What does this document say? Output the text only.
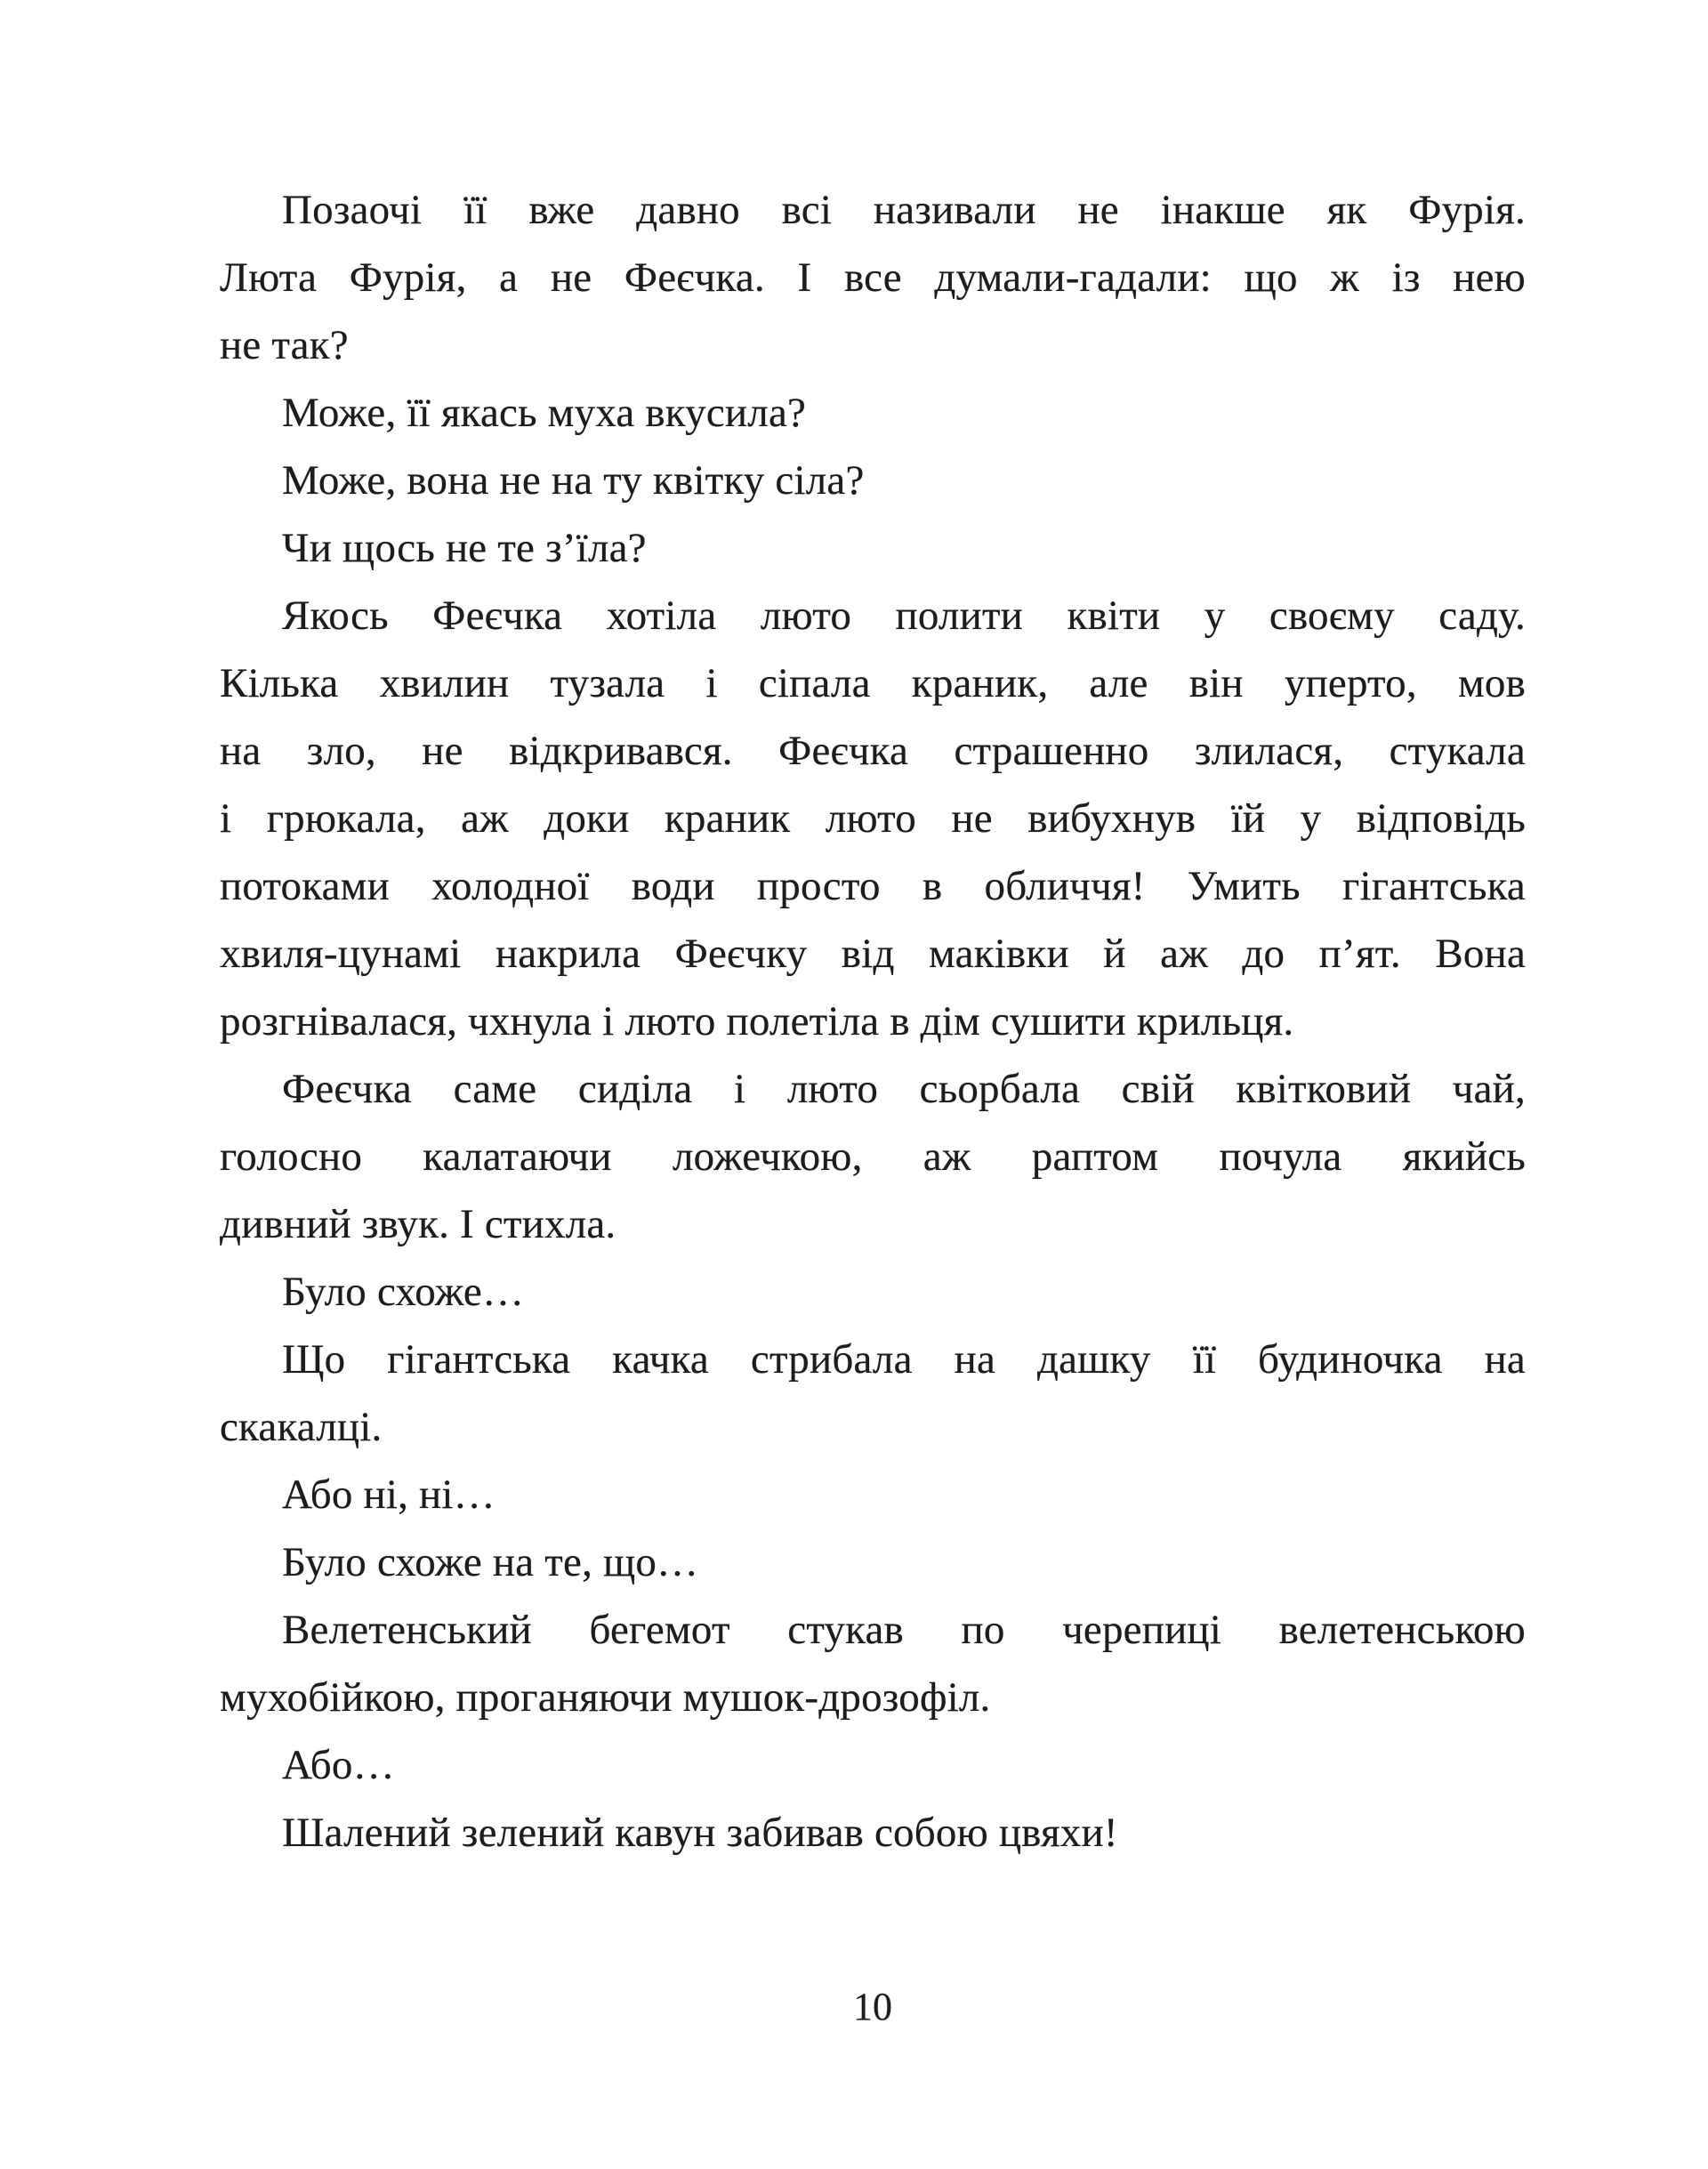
Позаочі її вже давно всі називали не інакше як Фурія.
Люта Фурія, а не Феєчка. І все думали-гадали: що ж із нею
не так?
Може, її якась муха вкусила?
Може, вона не на ту квітку сіла?
Чи щось не те з’їла?
Якось Феєчка хотіла люто полити квіти у своєму саду.
Кілька хвилин тузала і сіпала краник, але він уперто, мов
на зло, не відкривався. Феєчка страшенно злилася, стукала
і грюкала, аж доки краник люто не вибухнув їй у відповідь
потоками холодної води просто в обличчя! Умить гігантська
хвиля-цунамі накрила Феєчку від маківки й аж до п’ят. Вона
розгнівалася, чхнула і люто полетіла в дім сушити крильця.
Феєчка саме сиділа і люто сьорбала свій квітковий чай,
голосно калатаючи ложечкою, аж раптом почула якийсь
дивний звук. І стихла.
Було схоже…
Що гігантська качка стрибала на дашку її будиночка на
скакалці.
Або ні, ні…
Було схоже на те, що…
Велетенський бегемот стукав по черепиці велетенською
мухобійкою, проганяючи мушок-дрозофіл.
Або…
Шалений зелений кавун забивав собою цвяхи!
10
